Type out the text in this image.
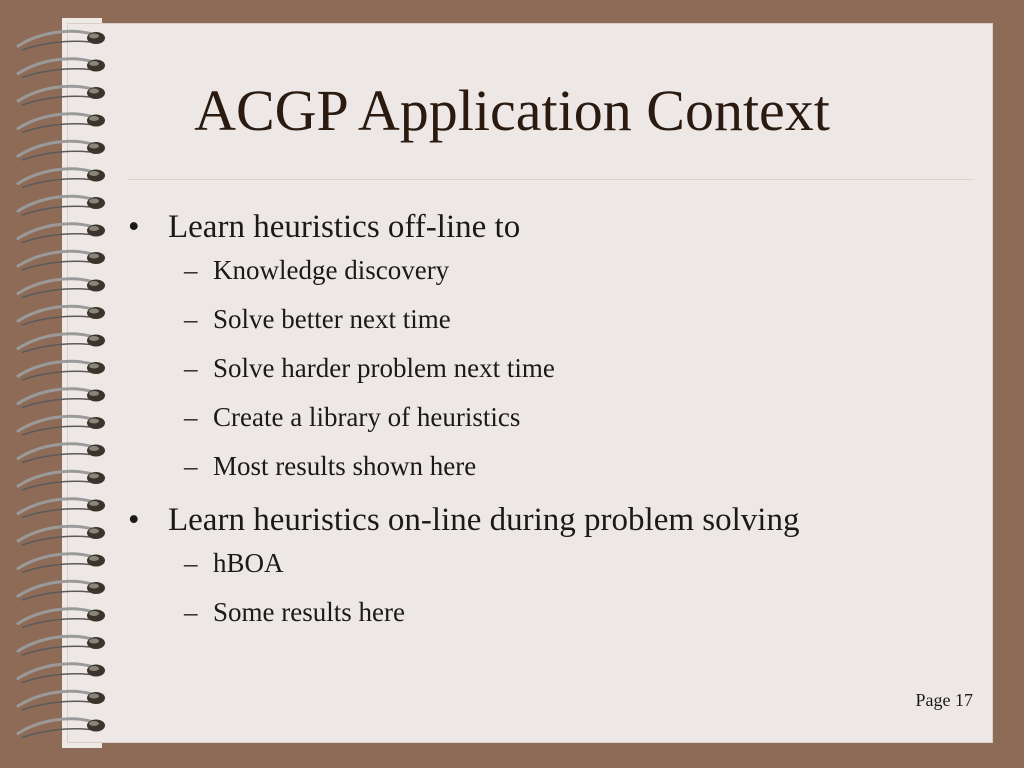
ACGP Application Context
• Learn heuristics off-line to
– Knowledge discovery
– Solve better next time
– Solve harder problem next time
– Create a library of heuristics
– Most results shown here
• Learn heuristics on-line during problem solving
– hBOA
– Some results here
Page 17
